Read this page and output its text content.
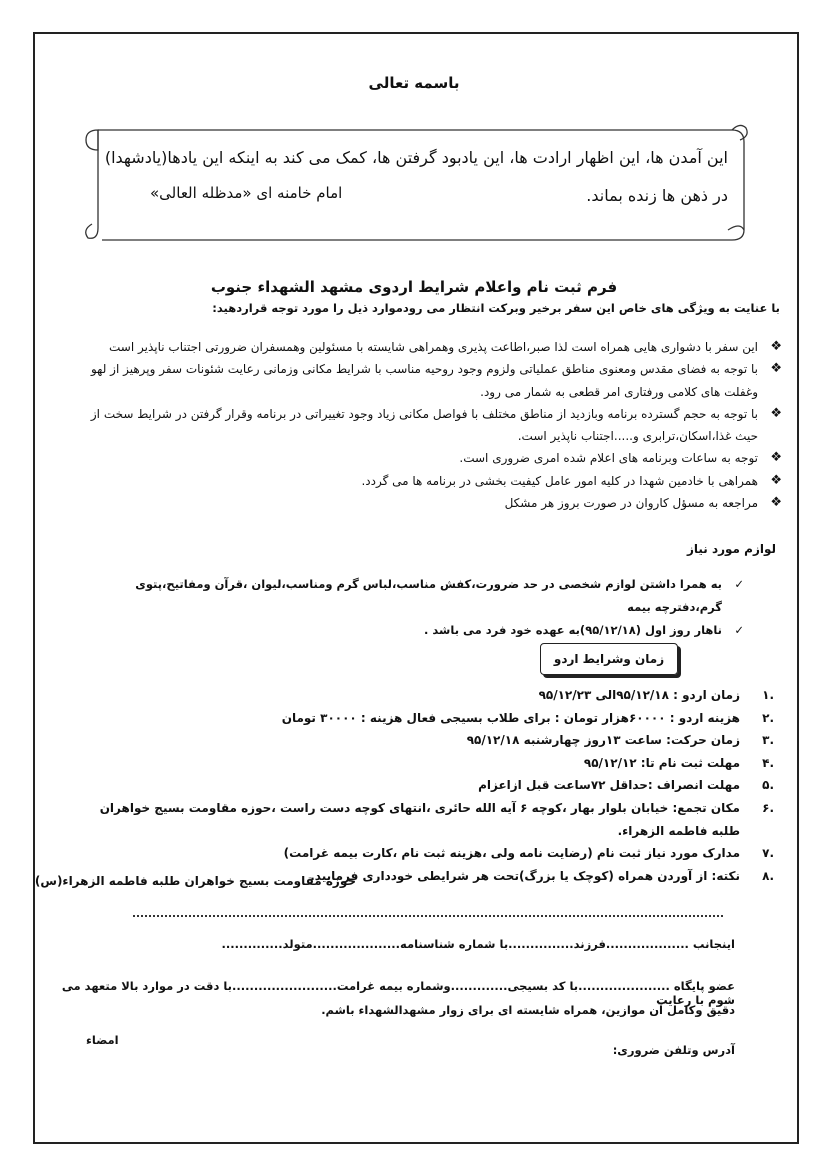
باسمه تعالی
این آمدن ها، این اظهار ارادت ها، این یادبود گرفتن ها، کمک می کند به اینکه این یادها(یادشهدا)
در ذهن ها زنده بماند.
امام خامنه ای «مدظله العالی»
فرم ثبت نام واعلام شرایط اردوی مشهد الشهداء جنوب
با عنایت به ویژگی های خاص این سفر برخیر وبرکت انتظار می رودموارد ذیل را مورد توجه قراردهید:
❖
این سفر با دشواری هایی همراه است لذا صبر،اطاعت پذیری وهمراهی شایسته با مسئولین وهمسفران ضرورتی اجتناب ناپذیر است
❖
با توجه به فضای مقدس ومعنوی مناطق عملیاتی ولزوم وجود روحیه مناسب با شرایط مکانی وزمانی رعایت شئونات سفر وپرهیز از لهو وغفلت های کلامی ورفتاری امر قطعی به شمار می رود.
❖
با توجه به حجم گسترده برنامه وبازدید از مناطق مختلف با فواصل مکانی زیاد وجود تغییراتی در برنامه وقرار گرفتن در شرایط سخت از حیث غذا،اسکان،ترابری و.....اجتناب ناپذیر است.
❖
توجه به ساعات وبرنامه های اعلام شده امری ضروری است.
❖
همراهی با خادمین شهدا در کلیه امور عامل کیفیت بخشی در برنامه ها می گردد.
❖
مراجعه به مسؤل کاروان در صورت بروز هر مشکل
لوازم مورد نیاز
✓
به همرا داشتن لوازم شخصی در حد ضرورت،کفش مناسب،لباس گرم ومناسب،لیوان ،قرآن ومفاتیح،پتوی گرم،دفترچه بیمه
✓
ناهار روز اول (۹۵/۱۲/۱۸)به عهده خود فرد می باشد .
زمان وشرایط اردو
.۱
زمان اردو : ۹۵/۱۲/۱۸الی ۹۵/۱۲/۲۳
.۲
هزینه اردو : ۶۰۰۰۰هزار تومان : برای طلاب بسیجی فعال هزینه : ۳۰۰۰۰ تومان
.۳
زمان حرکت: ساعت ۱۳روز چهارشنبه ۹۵/۱۲/۱۸
.۴
مهلت ثبت نام تا: ۹۵/۱۲/۱۲
.۵
مهلت انصراف :حداقل ۷۲ساعت قبل ازاعزام
.۶
مکان تجمع: خیابان بلوار بهار ،کوچه ۶ آیه الله حائری ،انتهای کوچه دست راست ،حوزه مقاومت بسیج خواهران طلبه فاطمه الزهراء.
.۷
مدارک مورد نیاز ثبت نام (رضایت نامه ولی ،هزینه ثبت نام ،کارت بیمه غرامت)
.۸
نکته: از آوردن همراه (کوچک یا بزرگ)تحت هر شرایطی خودداری فرمایید.
حوزه مقاومت بسیج خواهران طلبه فاطمه الزهراء(س)
اینجانب ...................فرزند...............با شماره شناسنامه....................متولد..............
عضو پایگاه .....................با کد بسیجی.............وشماره بیمه غرامت........................با دقت در موارد بالا متعهد می شوم با رعایت
دقیق وکامل آن موازین، همراه شایسته ای برای زوار مشهدالشهداء باشم.
امضاء
آدرس وتلفن ضروری:
